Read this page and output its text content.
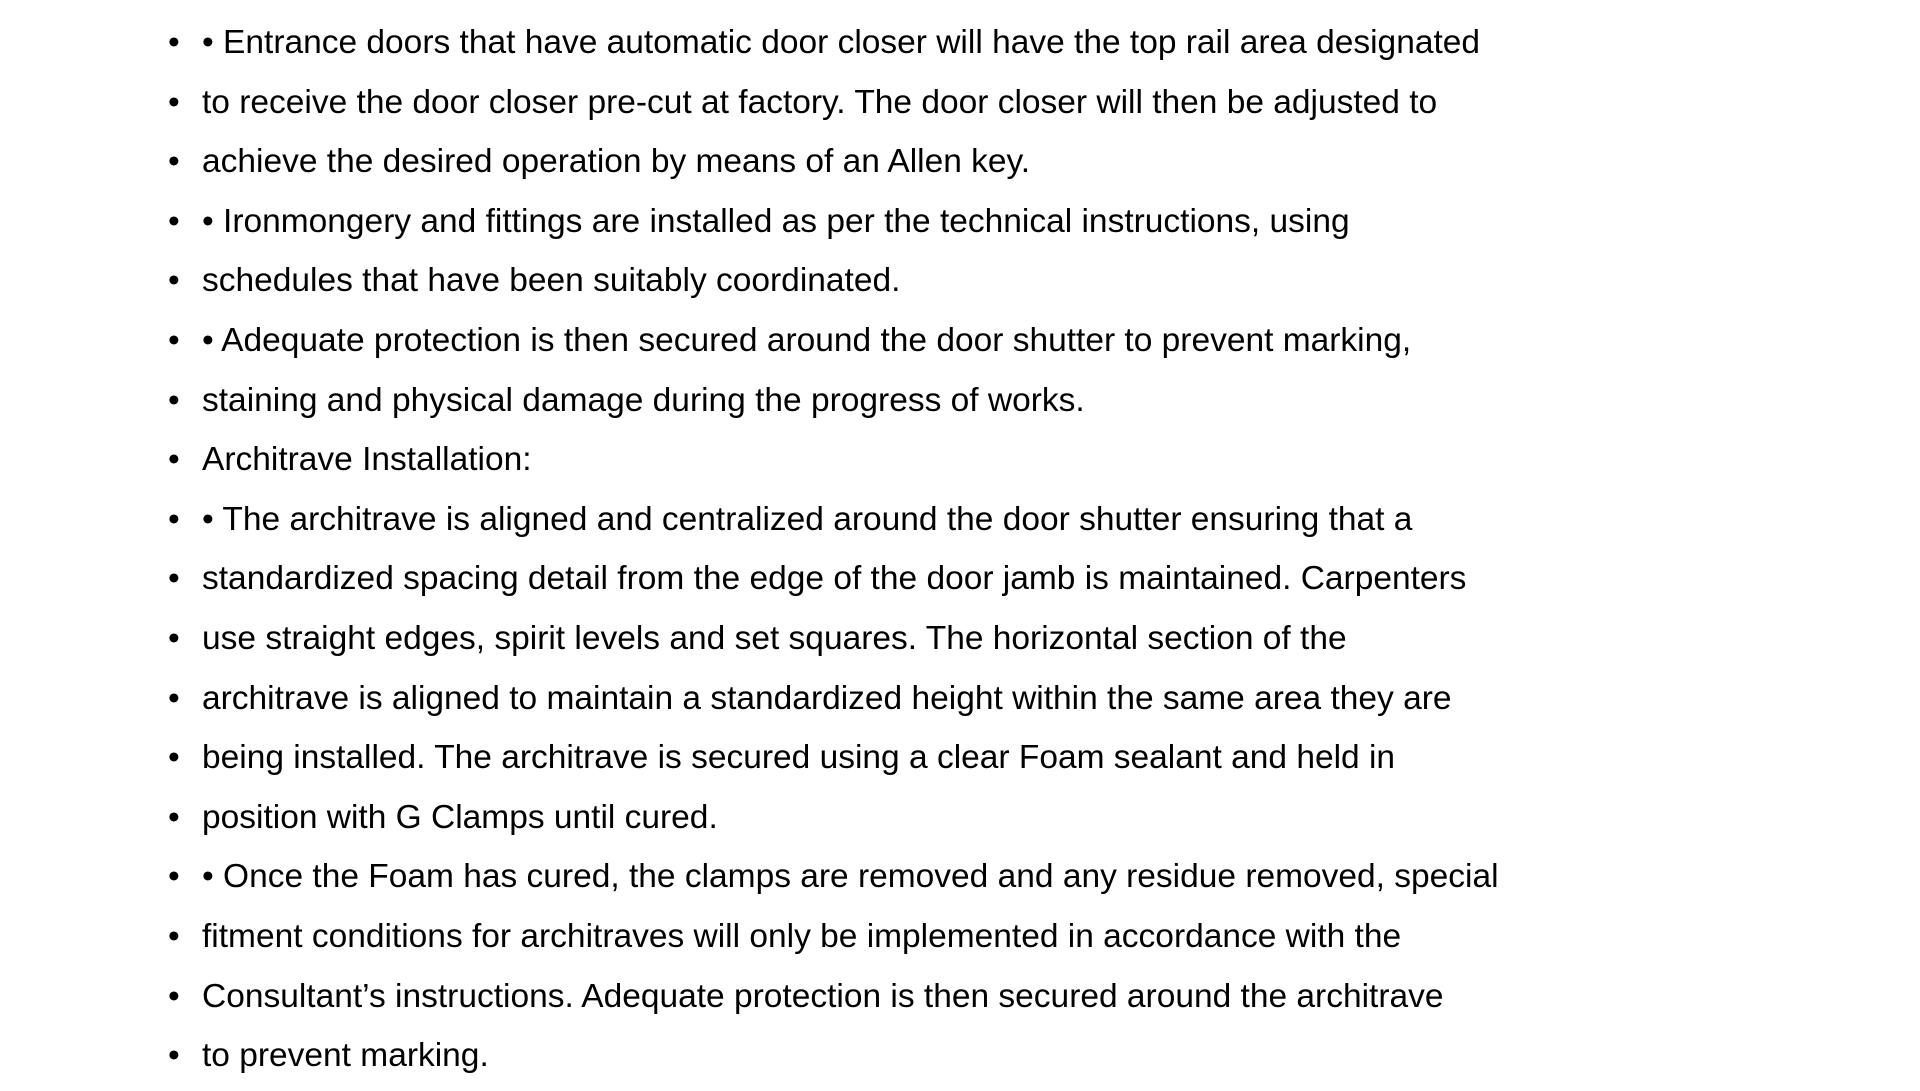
• • Entrance doors that have automatic door closer will have the top rail area designated
• to receive the door closer pre-cut at factory. The door closer will then be adjusted to
• achieve the desired operation by means of an Allen key.
• • Ironmongery and fittings are installed as per the technical instructions, using
• schedules that have been suitably coordinated.
• • Adequate protection is then secured around the door shutter to prevent marking,
• staining and physical damage during the progress of works.
• Architrave Installation:
• • The architrave is aligned and centralized around the door shutter ensuring that a
• standardized spacing detail from the edge of the door jamb is maintained. Carpenters
• use straight edges, spirit levels and set squares. The horizontal section of the
• architrave is aligned to maintain a standardized height within the same area they are
• being installed. The architrave is secured using a clear Foam sealant and held in
• position with G Clamps until cured.
• • Once the Foam has cured, the clamps are removed and any residue removed, special
• fitment conditions for architraves will only be implemented in accordance with the
• Consultant’s instructions. Adequate protection is then secured around the architrave
• to prevent marking.
